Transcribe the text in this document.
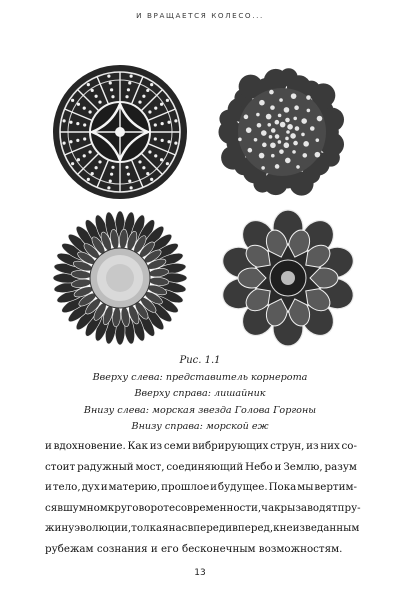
И ВРАЩАЕТСЯ КОЛЕСО...
Рис. 1.1
Вверху слева: представитель корнерота
Вверху справа: лишайник
Внизу слева: морская звезда Голова Горгоны
Внизу справа: морской еж
и вдохновение. Как из семи вибрирующих струн, из них со-
стоит радужный мост, соединяющий Небо и Землю, разум
и тело, дух и материю, прошлое и будущее. Пока мы вертим-
ся в шумном круговороте современности, чакры заводят пру-
жину эволюции, толкая нас вперед и вперед, к неизведанным
рубежам сознания и его бесконечным возможностям.
13
